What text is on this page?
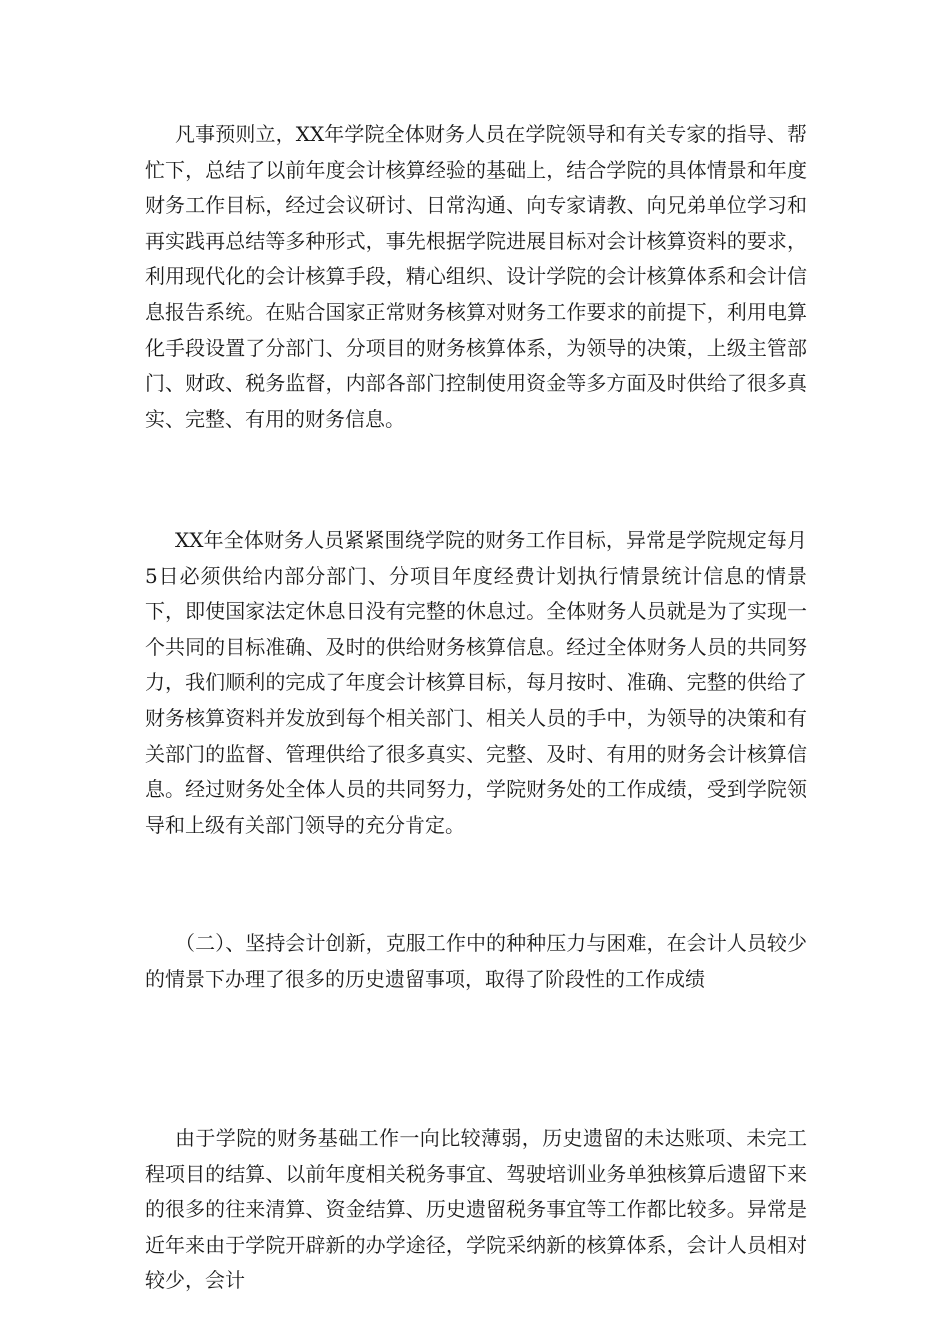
凡事预则立，XX年学院全体财务人员在学院领导和有关专家的指导、帮忙下，总结了以前年度会计核算经验的基础上，结合学院的具体情景和年度财务工作目标，经过会议研讨、日常沟通、向专家请教、向兄弟单位学习和再实践再总结等多种形式，事先根据学院进展目标对会计核算资料的要求，利用现代化的会计核算手段，精心组织、设计学院的会计核算体系和会计信息报告系统。在贴合国家正常财务核算对财务工作要求的前提下，利用电算化手段设置了分部门、分项目的财务核算体系，为领导的决策，上级主管部门、财政、税务监督，内部各部门控制使用资金等多方面及时供给了很多真实、完整、有用的财务信息。

XX年全体财务人员紧紧围绕学院的财务工作目标，异常是学院规定每月5日必须供给内部分部门、分项目年度经费计划执行情景统计信息的情景下，即使国家法定休息日没有完整的休息过。全体财务人员就是为了实现一个共同的目标准确、及时的供给财务核算信息。经过全体财务人员的共同努力，我们顺利的完成了年度会计核算目标，每月按时、准确、完整的供给了财务核算资料并发放到每个相关部门、相关人员的手中，为领导的决策和有关部门的监督、管理供给了很多真实、完整、及时、有用的财务会计核算信息。经过财务处全体人员的共同努力，学院财务处的工作成绩，受到学院领导和上级有关部门领导的充分肯定。

（二）、坚持会计创新，克服工作中的种种压力与困难，在会计人员较少的情景下办理了很多的历史遗留事项，取得了阶段性的工作成绩

由于学院的财务基础工作一向比较薄弱，历史遗留的未达账项、未完工程项目的结算、以前年度相关税务事宜、驾驶培训业务单独核算后遗留下来的很多的往来清算、资金结算、历史遗留税务事宜等工作都比较多。异常是近年来由于学院开辟新的办学途径，学院采纳新的核算体系，会计人员相对较少，会计
